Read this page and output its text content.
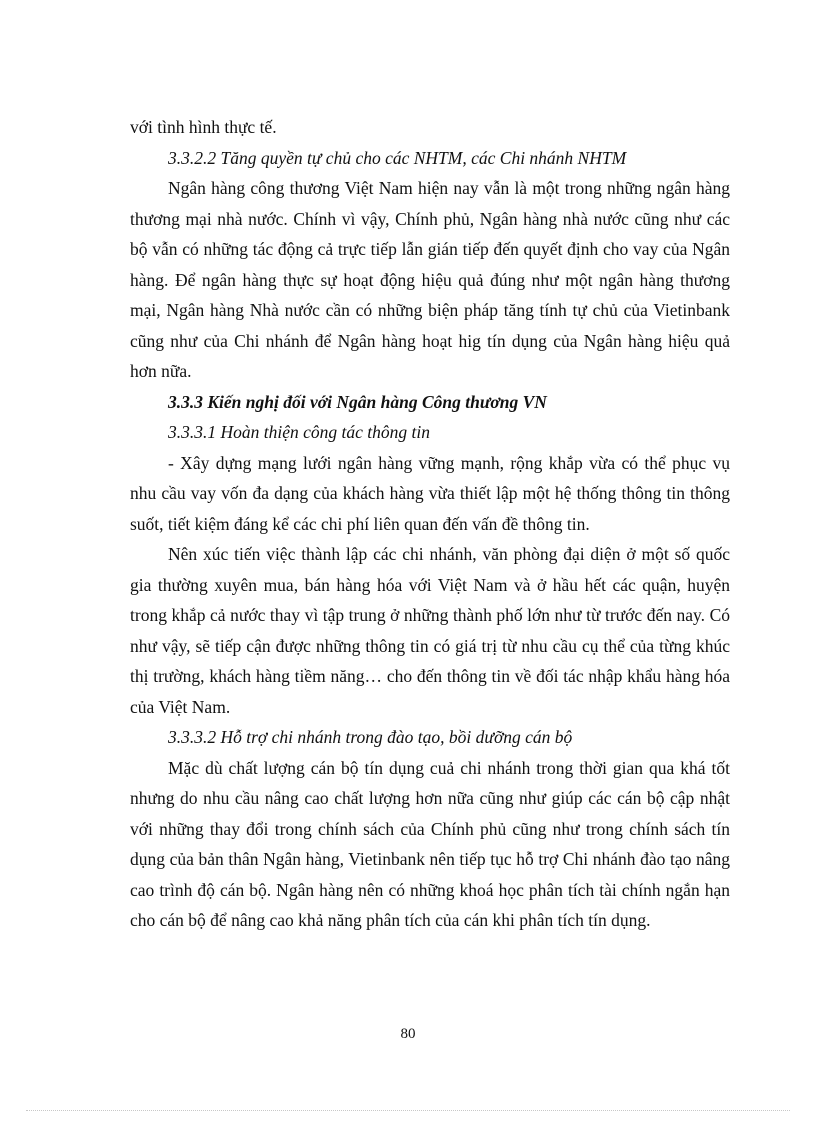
với tình hình thực tế.

3.3.2.2 Tăng quyền tự chủ cho các NHTM, các Chi nhánh NHTM

Ngân hàng công thương Việt Nam hiện nay vẫn là một trong những ngân hàng thương mại nhà nước. Chính vì vậy, Chính phủ, Ngân hàng nhà nước cũng như các bộ vẫn có những tác động cả trực tiếp lẫn gián tiếp đến quyết định cho vay của Ngân hàng. Để ngân hàng thực sự hoạt động hiệu quả đúng như một ngân hàng thương mại, Ngân hàng Nhà nước cần có những biện pháp tăng tính tự chủ của Vietinbank cũng như của Chi nhánh để Ngân hàng hoạt hig tín dụng của Ngân hàng hiệu quả hơn nữa.

3.3.3 Kiến nghị đối với Ngân hàng Công thương VN

3.3.3.1 Hoàn thiện công tác thông tin

- Xây dựng mạng lưới ngân hàng vững mạnh, rộng khắp vừa có thể phục vụ nhu cầu vay vốn đa dạng của khách hàng vừa thiết lập một hệ thống thông tin thông suốt, tiết kiệm đáng kể các chi phí liên quan đến vấn đề thông tin.

Nên xúc tiến việc thành lập các chi nhánh, văn phòng đại diện ở một số quốc gia thường xuyên mua, bán hàng hóa với Việt Nam và ở hầu hết các quận, huyện trong khắp cả nước thay vì tập trung ở những thành phố lớn như từ trước đến nay. Có như vậy, sẽ tiếp cận được những thông tin có giá trị từ nhu cầu cụ thể của từng khúc thị trường, khách hàng tiềm năng… cho đến thông tin về đối tác nhập khẩu hàng hóa của Việt Nam.

3.3.3.2 Hỗ trợ chi nhánh trong đào tạo, bồi dưỡng cán bộ

Mặc dù chất lượng cán bộ tín dụng cuả chi nhánh trong thời gian qua khá tốt nhưng do nhu cầu nâng cao chất lượng hơn nữa cũng như giúp các cán bộ cập nhật với những thay đổi trong chính sách của Chính phủ cũng như trong chính sách tín dụng của bản thân Ngân hàng, Vietinbank nên tiếp tục hỗ trợ Chi nhánh đào tạo nâng cao trình độ cán bộ. Ngân hàng nên có những khoá học phân tích tài chính ngắn hạn cho cán bộ để nâng cao khả năng phân tích của cán khi phân tích tín dụng.

80
